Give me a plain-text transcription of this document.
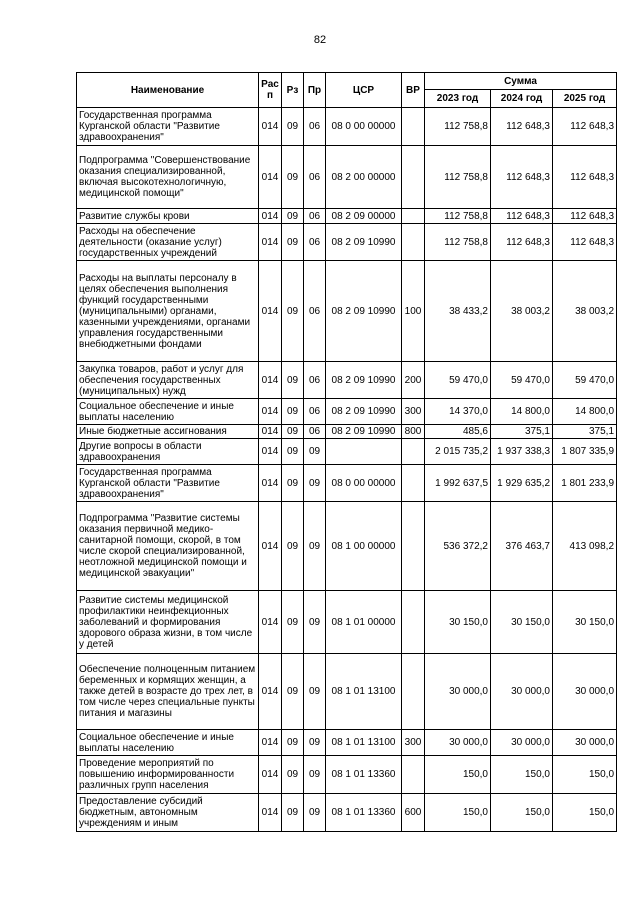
82
Наименование	Рас п	Рз	Пр	ЦСР	ВР	Сумма		
						2023 год	2024 год	2025 год
Государственная программа Курганской области "Развитие здравоохранения"	014	09	06	08 0 00 00000		112 758,8	112 648,3	112 648,3
Подпрограмма "Совершенствование оказания специализированной, включая высокотехнологичную, медицинской помощи"	014	09	06	08 2 00 00000		112 758,8	112 648,3	112 648,3
Развитие службы крови	014	09	06	08 2 09 00000		112 758,8	112 648,3	112 648,3
Расходы на обеспечение деятельности (оказание услуг) государственных учреждений	014	09	06	08 2 09 10990		112 758,8	112 648,3	112 648,3
Расходы на выплаты персоналу в целях обеспечения выполнения функций государственными (муниципальными) органами, казенными учреждениями, органами управления государственными внебюджетными фондами	014	09	06	08 2 09 10990	100	38 433,2	38 003,2	38 003,2
Закупка товаров, работ и услуг для обеспечения государственных (муниципальных) нужд	014	09	06	08 2 09 10990	200	59 470,0	59 470,0	59 470,0
Социальное обеспечение и иные выплаты населению	014	09	06	08 2 09 10990	300	14 370,0	14 800,0	14 800,0
Иные бюджетные ассигнования	014	09	06	08 2 09 10990	800	485,6	375,1	375,1
Другие вопросы в области здравоохранения	014	09	09			2 015 735,2	1 937 338,3	1 807 335,9
Государственная программа Курганской области "Развитие здравоохранения"	014	09	09	08 0 00 00000		1 992 637,5	1 929 635,2	1 801 233,9
Подпрограмма "Развитие системы оказания первичной медико-санитарной помощи, скорой, в том числе скорой специализированной, неотложной медицинской помощи и медицинской эвакуации"	014	09	09	08 1 00 00000		536 372,2	376 463,7	413 098,2
Развитие системы медицинской профилактики неинфекционных заболеваний и формирования здорового образа жизни, в том числе у детей	014	09	09	08 1 01 00000		30 150,0	30 150,0	30 150,0
Обеспечение полноценным питанием беременных и кормящих женщин, а также детей в возрасте до трех лет, в том числе через специальные пункты питания и магазины	014	09	09	08 1 01 13100		30 000,0	30 000,0	30 000,0
Социальное обеспечение и иные выплаты населению	014	09	09	08 1 01 13100	300	30 000,0	30 000,0	30 000,0
Проведение мероприятий по повышению информированности различных групп населения	014	09	09	08 1 01 13360		150,0	150,0	150,0
Предоставление субсидий бюджетным, автономным учреждениям и иным	014	09	09	08 1 01 13360	600	150,0	150,0	150,0
